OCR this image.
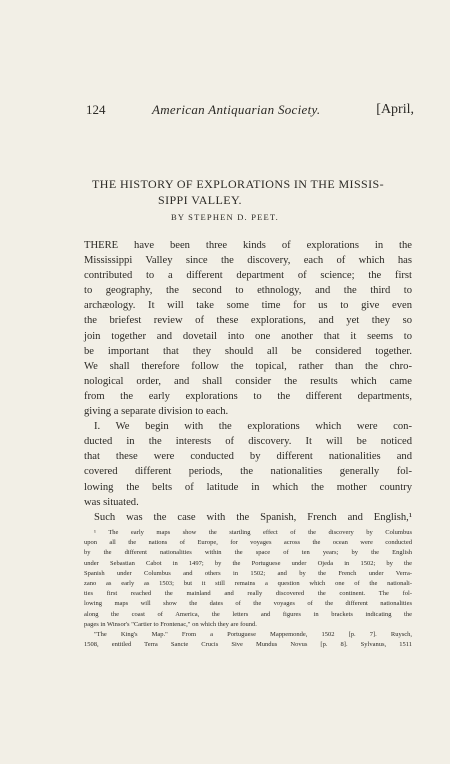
124	American Antiquarian Society.	[April,
THE HISTORY OF EXPLORATIONS IN THE MISSIS-
SIPPI VALLEY.
BY STEPHEN D. PEET.

THERE have been three kinds of explorations in the
Mississippi Valley since the discovery, each of which has
contributed to a different department of science; the first
to geography, the second to ethnology, and the third to
archæology. It will take some time for us to give even
the briefest review of these explorations, and yet they so
join together and dovetail into one another that it seems to
be important that they should all be considered together.
We shall therefore follow the topical, rather than the chro-
nological order, and shall consider the results which came
from the early explorations to the different departments,
giving a separate division to each.

I. We begin with the explorations which were con-
ducted in the interests of discovery. It will be noticed
that these were conducted by different nationalities and
covered different periods, the nationalities generally fol-
lowing the belts of latitude in which the mother country
was situated.

Such was the case with the Spanish, French and English,¹

¹ The early maps show the startling effect of the discovery by Columbus
upon all the nations of Europe, for voyages across the ocean were conducted
by the different nationalities within the space of ten years; by the English
under Sebastian Cabot in 1497; by the Portuguese under Ojeda in 1502; by the
Spanish under Columbus and others in 1502; and by the French under Verra-
zano as early as 1503; but it still remains a question which one of the nationali-
ties first reached the mainland and really discovered the continent. The fol-
lowing maps will show the dates of the voyages of the different nationalities
along the coast of America, the letters and figures in brackets indicating the
pages in Winsor's "Cartier to Frontenac," on which they are found.
"The King's Map." From a Portuguese Mappemonde, 1502 [p. 7]. Ruysch,
1508, entitled Terra Sancte Crucis Sive Mundus Novus [p. 8]. Sylvanus, 1511
